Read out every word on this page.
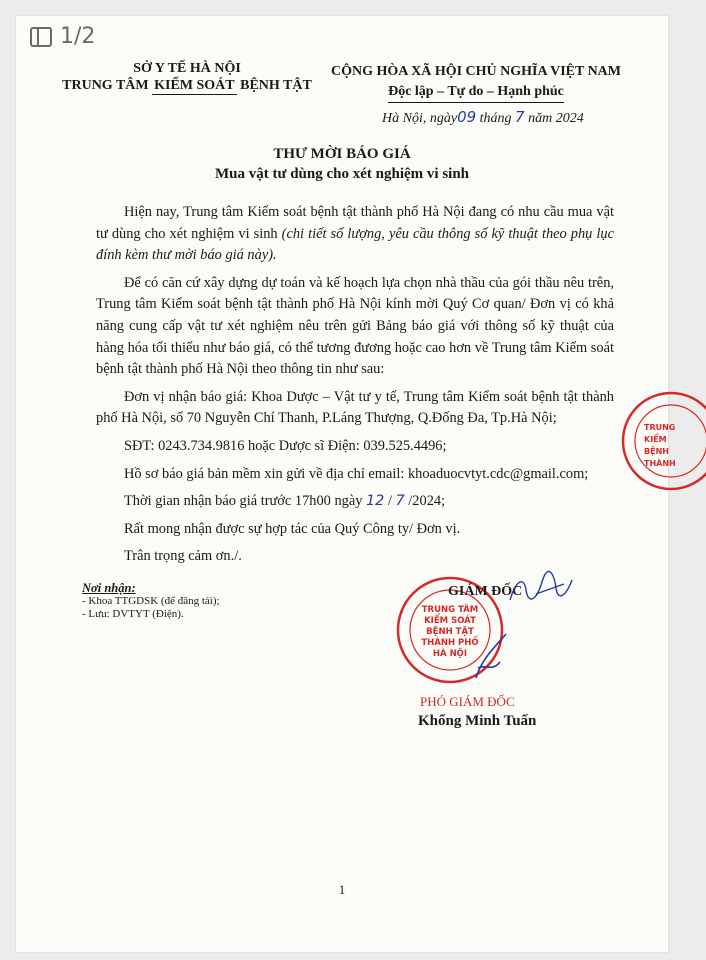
1/2
SỞ Y TẾ HÀ NỘI
TRUNG TÂM KIỂM SOÁT BỆNH TẬT
CỘNG HÒA XÃ HỘI CHỦ NGHĨA VIỆT NAM
Độc lập – Tự do – Hạnh phúc
Hà Nội, ngày09 tháng 7 năm 2024
THƯ MỜI BÁO GIÁ
Mua vật tư dùng cho xét nghiệm vi sinh

Hiện nay, Trung tâm Kiểm soát bệnh tật thành phố Hà Nội đang có nhu cầu mua vật tư dùng cho xét nghiệm vi sinh (chi tiết số lượng, yêu cầu thông số kỹ thuật theo phụ lục đính kèm thư mời báo giá này).

Để có căn cứ xây dựng dự toán và kế hoạch lựa chọn nhà thầu của gói thầu nêu trên, Trung tâm Kiểm soát bệnh tật thành phố Hà Nội kính mời Quý Cơ quan/ Đơn vị có khả năng cung cấp vật tư xét nghiệm nêu trên gửi Bảng báo giá với thông số kỹ thuật của hàng hóa tối thiểu như báo giá, có thể tương đương hoặc cao hơn về Trung tâm Kiểm soát bệnh tật thành phố Hà Nội theo thông tin như sau:

Đơn vị nhận báo giá: Khoa Dược – Vật tư y tế, Trung tâm Kiểm soát bệnh tật thành phố Hà Nội, số 70 Nguyễn Chí Thanh, P.Láng Thượng, Q.Đống Đa, Tp.Hà Nội;

SĐT: 0243.734.9816 hoặc Dược sĩ Điện: 039.525.4496;

Hồ sơ báo giá bản mềm xin gửi về địa chỉ email: khoaduocvtyt.cdc@gmail.com;

Thời gian nhận báo giá trước 17h00 ngày 12 / 7 /2024;

Rất mong nhận được sự hợp tác của Quý Công ty/ Đơn vị.

Trân trọng cảm ơn./.

Nơi nhận:
- Khoa TTGDSK (để đăng tải);
- Lưu: DVTYT (Điện).	TRUNG TÂM
KIỂM SOÁT
BỆNH TẬT
THÀNH PHỐ
HÀ NỘI
TRUNG
KIỂM
BỆNH
THÀNH
GIÁM ĐỐC
PHÓ GIÁM ĐỐC
Khổng Minh Tuấn
1
